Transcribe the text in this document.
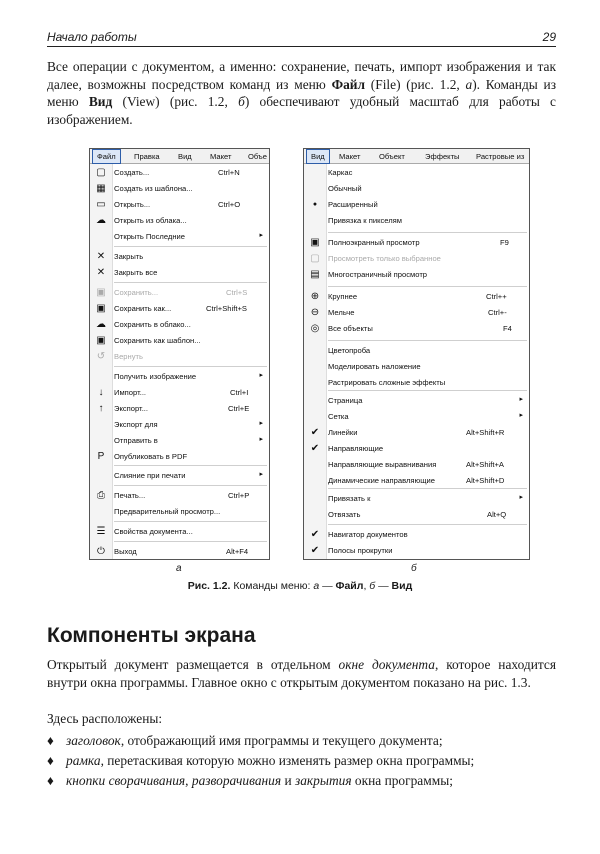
Начало работы	29
Все операции с документом, а именно: сохранение, печать, импорт изображения и так далее, возможны посредством команд из меню Файл (File) (рис. 1.2, а). Команды из меню Вид (View) (рис. 1.2, б) обеспечивают удобный масштаб для работы с изображением.
Файл	Правка Вид Макет Объе
▢	Создать...	Ctrl+N
▦	Создать из шаблона...
▭	Открыть...	Ctrl+O
☁ Открыть из облака...
Открыть Последние	▸
✕	Закрыть
✕	Закрыть все
▣	Сохранить...	Ctrl+S
▣	Сохранить как...	Ctrl+Shift+S
☁ Сохранить в облако...
▣	Сохранить как шаблон...
↺	Вернуть
Получить изображение	▸
↓	Импорт...	Ctrl+I
↑	Экспорт...	Ctrl+E
Экспорт для	▸
Отправить в	▸
P	Опубликовать в PDF
Слияние при печати	▸
⎙	Печать...	Ctrl+P
Предварительный просмотр...
☰	Свойства документа...
⏻	Выход	Alt+F4
Вид	Макет Объект	Эффекты Растровые из
Каркас
Обычный
●	Расширенный
Привязка к пикселям
▣	Полноэкранный просмотр	F9
▢	Просмотреть только выбранное
▤	Многостраничный просмотр
⊕	Крупнее	Ctrl++
⊖	Мельче	Ctrl+-
◎	Все объекты	F4
Цветопроба
Моделировать наложение
Растрировать сложные эффекты
Страница	▸
Сетка	▸
✔	Линейки	Alt+Shift+R
✔	Направляющие
Направляющие выравнивания	Alt+Shift+A
Динамические направляющие	Alt+Shift+D
Привязать к	▸
Отвязать	Alt+Q
✔	Навигатор документов
✔	Полосы прокрутки
а	б
Рис. 1.2. Команды меню: а — Файл, б — Вид
Компоненты экрана
Открытый документ размещается в отдельном окне документа, которое находится внутри окна программы. Главное окно с открытым документом показано на рис. 1.3.
Здесь расположены:
♦ заголовок, отображающий имя программы и текущего документа;
♦ рамка, перетаскивая которую можно изменять размер окна программы;
♦ кнопки сворачивания, разворачивания и закрытия окна программы;
